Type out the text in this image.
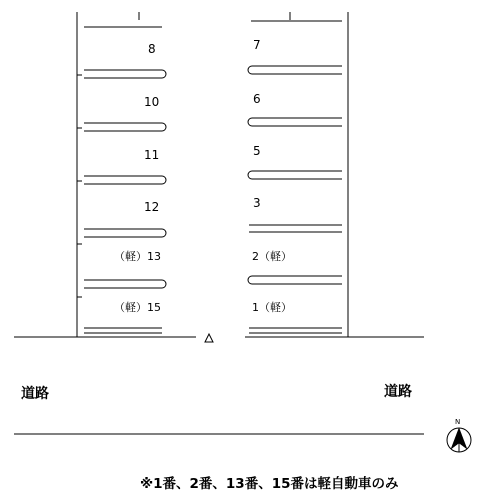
8
10
11
12
（軽）13
（軽）15
7
6
5
3
2（軽）
1（軽）
道路	道路
N
※1番、2番、13番、15番は軽自動車のみ
